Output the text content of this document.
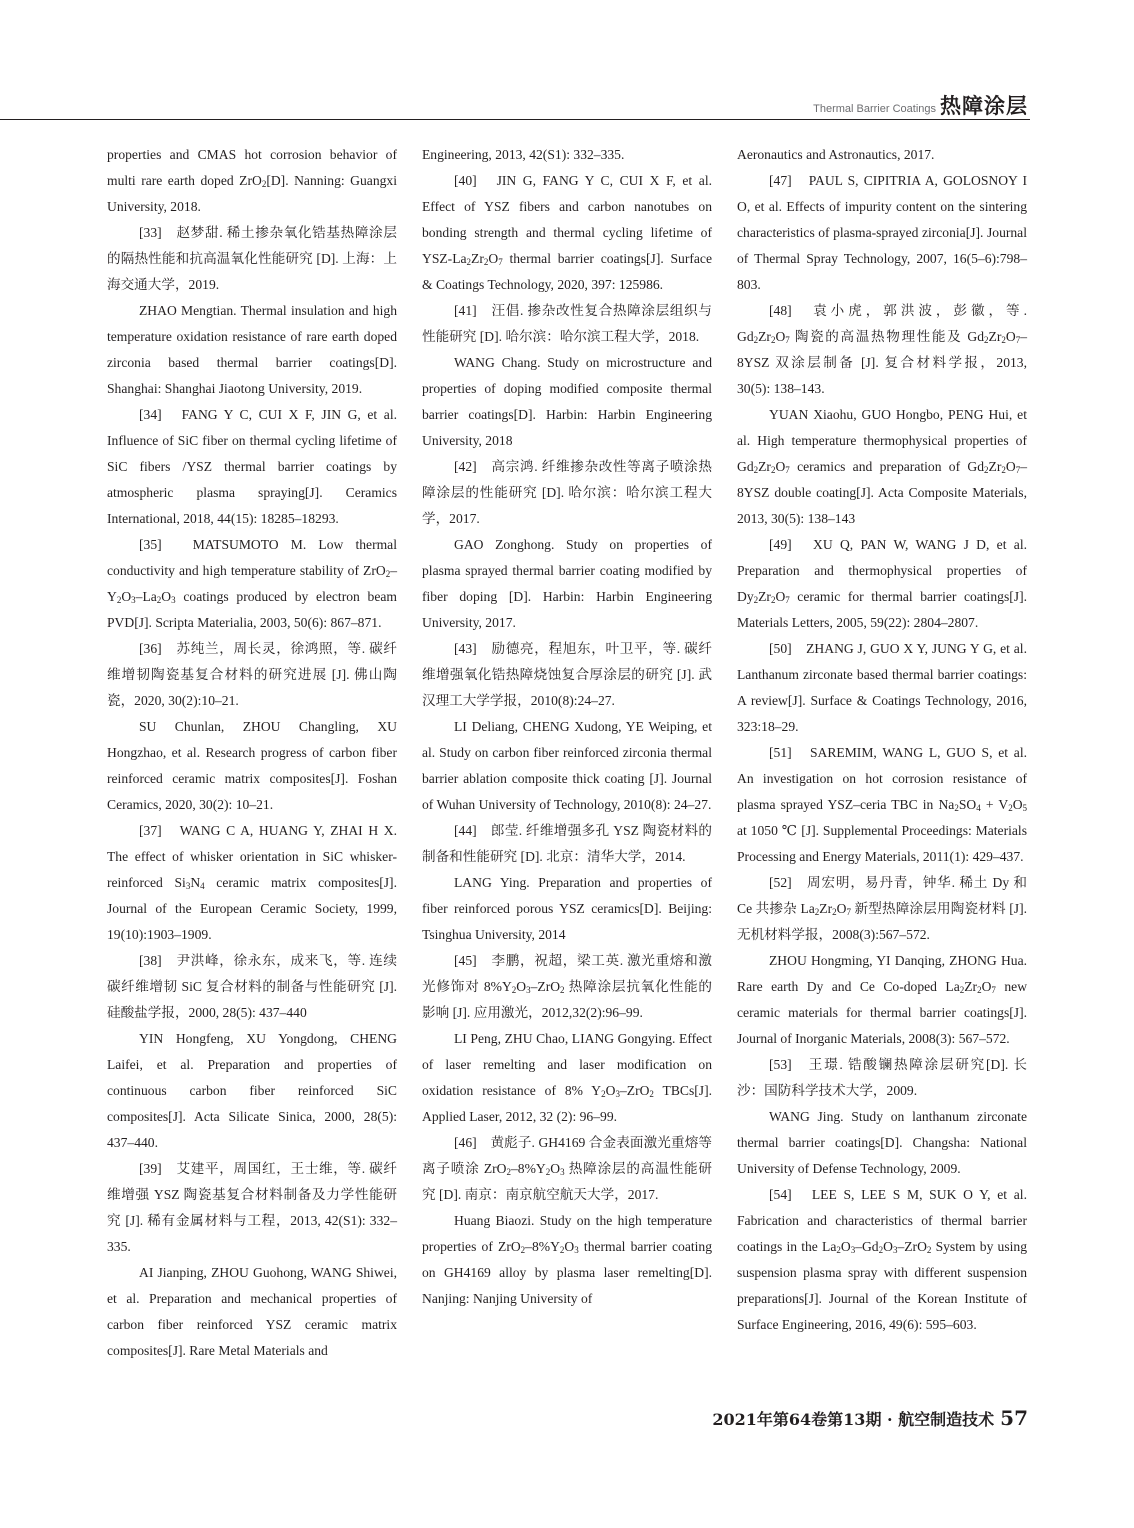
Thermal Barrier Coatings 热障涂层

properties and CMAS hot corrosion behavior of multi rare earth doped ZrO$_2$[D]. Nanning: Guangxi University, 2018.

[33]　赵梦甜. 稀土掺杂氧化锆基热障涂层的隔热性能和抗高温氧化性能研究 [D]. 上海：上海交通大学，2019.

ZHAO Mengtian. Thermal insulation and high temperature oxidation resistance of rare earth doped zirconia based thermal barrier coatings[D]. Shanghai: Shanghai Jiaotong University, 2019.

[34]　FANG Y C, CUI X F, JIN G, et al. Influence of SiC fiber on thermal cycling lifetime of SiC fibers /YSZ thermal barrier coatings by atmospheric plasma spraying[J]. Ceramics International, 2018, 44(15): 18285–18293.

[35]　MATSUMOTO M. Low thermal conductivity and high temperature stability of $ZrO_2-Y_2O_3-La_2O_3$ coatings produced by electron beam PVD[J]. Scripta Materialia, 2003, 50(6): 867–871.

[36]　苏纯兰，周长灵，徐鸿照，等. 碳纤维增韧陶瓷基复合材料的研究进展 [J]. 佛山陶瓷，2020, 30(2):10–21.

SU Chunlan, ZHOU Changling, XU Hongzhao, et al. Research progress of carbon fiber reinforced ceramic matrix composites[J]. Foshan Ceramics, 2020, 30(2): 10–21.

[37]　WANG C A, HUANG Y, ZHAI H X. The effect of whisker orientation in SiC whisker-reinforced $Si_3N_4$ ceramic matrix composites[J]. Journal of the European Ceramic Society, 1999, 19(10):1903–1909.

[38]　尹洪峰，徐永东，成来飞，等. 连续碳纤维增韧 SiC 复合材料的制备与性能研究 [J]. 硅酸盐学报，2000, 28(5): 437–440

YIN Hongfeng, XU Yongdong, CHENG Laifei, et al. Preparation and properties of continuous carbon fiber reinforced SiC composites[J]. Acta Silicate Sinica, 2000, 28(5): 437–440.

[39]　艾建平，周国红，王士维，等. 碳纤维增强 YSZ 陶瓷基复合材料制备及力学性能研究 [J]. 稀有金属材料与工程，2013, 42(S1): 332–335.

AI Jianping, ZHOU Guohong, WANG Shiwei, et al. Preparation and mechanical properties of carbon fiber reinforced YSZ ceramic matrix composites[J]. Rare Metal Materials and

Engineering, 2013, 42(S1): 332–335.

[40]　JIN G, FANG Y C, CUI X F, et al. Effect of YSZ fibers and carbon nanotubes on bonding strength and thermal cycling lifetime of YSZ-$La_2Zr_2O_7$ thermal barrier coatings[J]. Surface & Coatings Technology, 2020, 397: 125986.

[41]　汪倡. 掺杂改性复合热障涂层组织与性能研究 [D]. 哈尔滨：哈尔滨工程大学，2018.

WANG Chang. Study on microstructure and properties of doping modified composite thermal barrier coatings[D]. Harbin: Harbin Engineering University, 2018

[42]　高宗鸿. 纤维掺杂改性等离子喷涂热障涂层的性能研究 [D]. 哈尔滨：哈尔滨工程大学，2017.

GAO Zonghong. Study on properties of plasma sprayed thermal barrier coating modified by fiber doping [D]. Harbin: Harbin Engineering University, 2017.

[43]　励德亮，程旭东，叶卫平，等. 碳纤维增强氧化锆热障烧蚀复合厚涂层的研究 [J]. 武汉理工大学学报，2010(8):24–27.

LI Deliang, CHENG Xudong, YE Weiping, et al. Study on carbon fiber reinforced zirconia thermal barrier ablation composite thick coating [J]. Journal of Wuhan University of Technology, 2010(8): 24–27.

[44]　郎莹. 纤维增强多孔 YSZ 陶瓷材料的制备和性能研究 [D]. 北京：清华大学，2014.

LANG Ying. Preparation and properties of fiber reinforced porous YSZ ceramics[D]. Beijing: Tsinghua University, 2014

[45]　李鹏，祝超，梁工英. 激光重熔和激光修饰对 $8\%Y_2O_3-ZrO_2$ 热障涂层抗氧化性能的影响 [J]. 应用激光，2012,32(2):96–99.

LI Peng, ZHU Chao, LIANG Gongying. Effect of laser remelting and laser modification on oxidation resistance of 8% $Y_2O_3-ZrO_2$ TBCs[J]. Applied Laser, 2012, 32 (2): 96–99.

[46]　黄彪子. GH4169 合金表面激光重熔等离子喷涂 $ZrO_2-8\%Y_2O_3$ 热障涂层的高温性能研究 [D]. 南京：南京航空航天大学，2017.

Huang Biaozi. Study on the high temperature properties of $ZrO_2-8\%Y_2O_3$ thermal barrier coating on GH4169 alloy by plasma laser remelting[D]. Nanjing: Nanjing University of

Aeronautics and Astronautics, 2017.

[47]　PAUL S, CIPITRIA A, GOLOSNOY I O, et al. Effects of impurity content on the sintering characteristics of plasma-sprayed zirconia[J]. Journal of Thermal Spray Technology, 2007, 16(5–6):798–803.

[48]　袁小虎，郭洪波，彭徽，等. $Gd_2Zr_2O_7$ 陶瓷的高温热物理性能及 $Gd_2Zr_2O_7-8YSZ$ 双涂层制备 [J]. 复合材料学报，2013, 30(5): 138–143.

YUAN Xiaohu, GUO Hongbo, PENG Hui, et al. High temperature thermophysical properties of $Gd_2Zr_2O_7$ ceramics and preparation of $Gd_2Zr_2O_7-8YSZ$ double coating[J]. Acta Composite Materials, 2013, 30(5): 138–143

[49]　XU Q, PAN W, WANG J D, et al. Preparation and thermophysical properties of $Dy_2Zr_2O_7$ ceramic for thermal barrier coatings[J]. Materials Letters, 2005, 59(22): 2804–2807.

[50]　ZHANG J, GUO X Y, JUNG Y G, et al. Lanthanum zirconate based thermal barrier coatings: A review[J]. Surface & Coatings Technology, 2016, 323:18–29.

[51]　SAREMIM, WANG L, GUO S, et al. An investigation on hot corrosion resistance of plasma sprayed YSZ–ceria TBC in $Na_2SO_4 + V_2O_5$ at 1050 ℃ [J]. Supplemental Proceedings: Materials Processing and Energy Materials, 2011(1): 429–437.

[52]　周宏明，易丹青，钟华. 稀土 Dy 和 Ce 共掺杂 $La_2Zr_2O_7$ 新型热障涂层用陶瓷材料 [J]. 无机材料学报，2008(3):567–572.

ZHOU Hongming, YI Danqing, ZHONG Hua. Rare earth Dy and Ce Co-doped $La_2Zr_2O_7$ new ceramic materials for thermal barrier coatings[J]. Journal of Inorganic Materials, 2008(3): 567–572.

[53]　王璟. 锆酸镧热障涂层研究[D]. 长沙：国防科学技术大学，2009.

WANG Jing. Study on lanthanum zirconate thermal barrier coatings[D]. Changsha: National University of Defense Technology, 2009.

[54]　LEE S, LEE S M, SUK O Y, et al. Fabrication and characteristics of thermal barrier coatings in the $La_2O_3-Gd_2O_3-ZrO_2$ System by using suspension plasma spray with different suspension preparations[J]. Journal of the Korean Institute of Surface Engineering, 2016, 49(6): 595–603.

2021年第64卷第13期 · 航空制造技术 57
